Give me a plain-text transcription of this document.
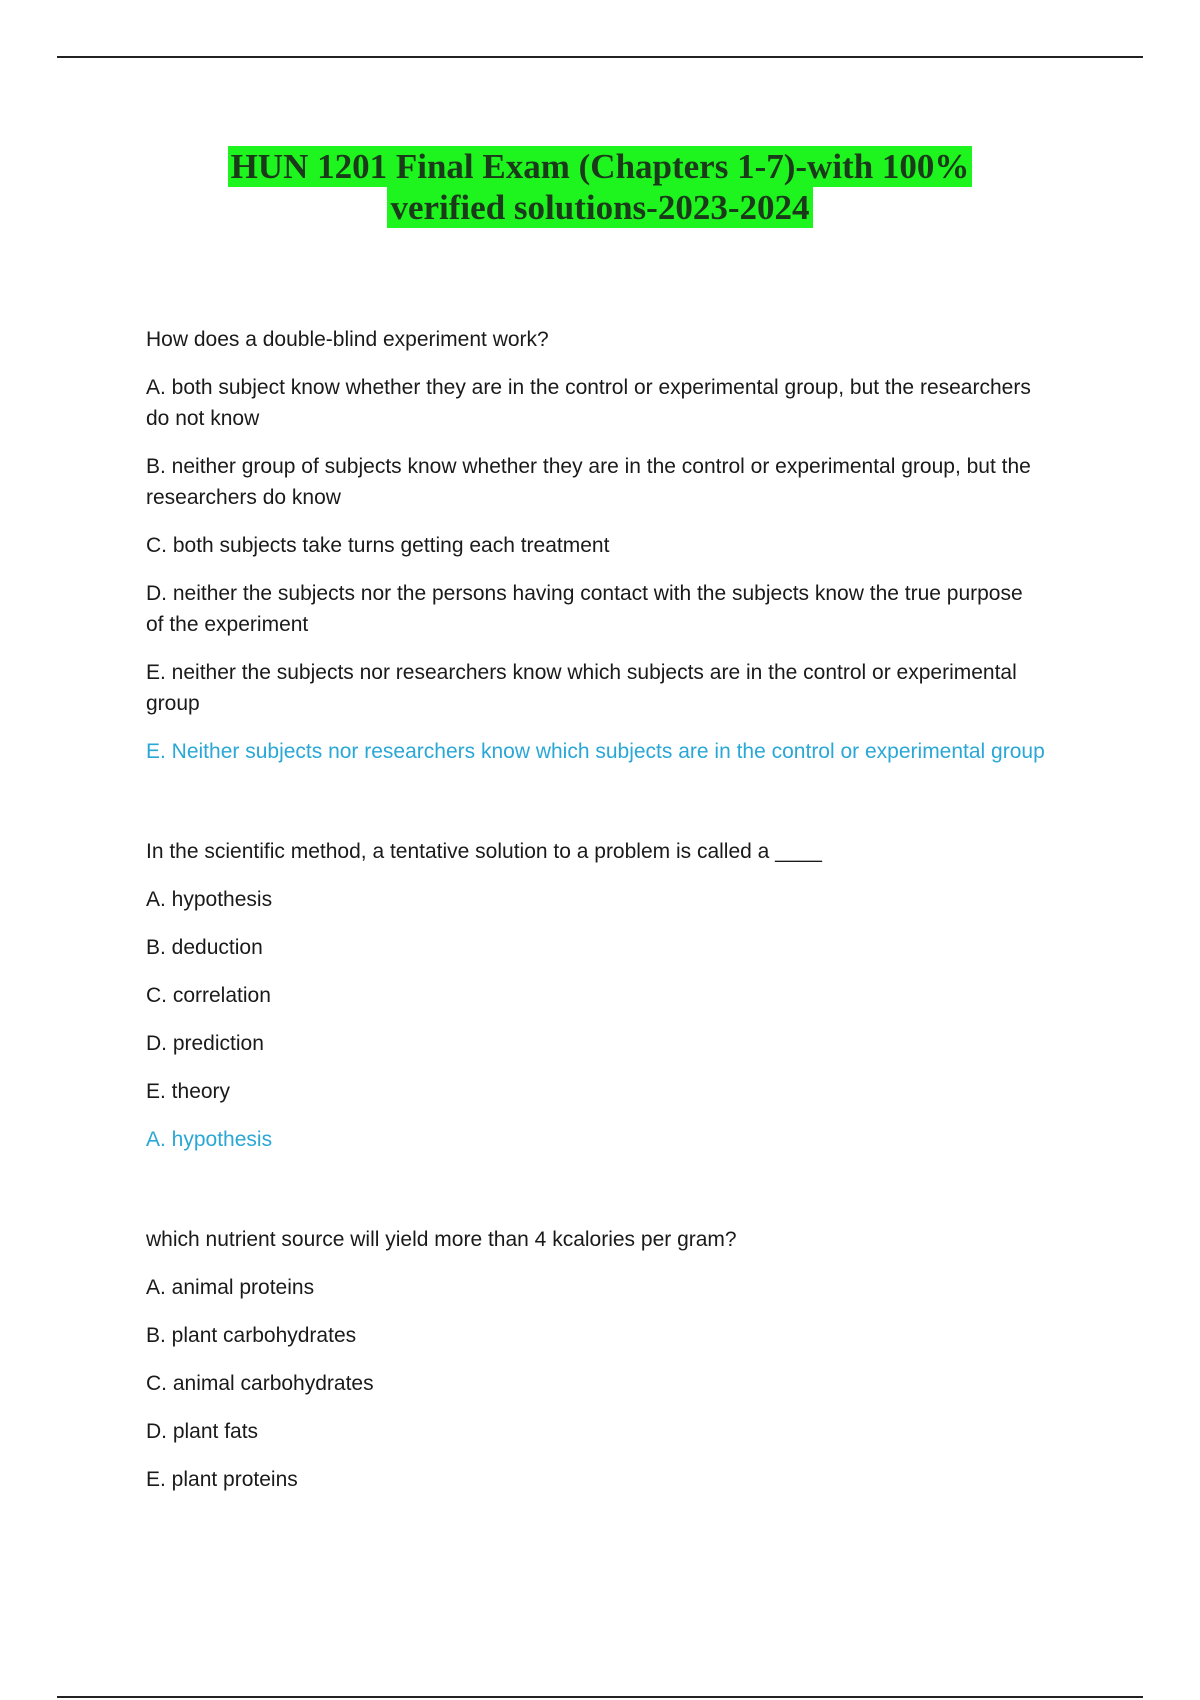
HUN 1201 Final Exam (Chapters 1-7)-with 100%
verified solutions-2023-2024

How does a double-blind experiment work?

A. both subject know whether they are in the control or experimental group, but the researchers do not know

B. neither group of subjects know whether they are in the control or experimental group, but the researchers do know

C. both subjects take turns getting each treatment

D. neither the subjects nor the persons having contact with the subjects know the true purpose of the experiment

E. neither the subjects nor researchers know which subjects are in the control or experimental group

E. Neither subjects nor researchers know which subjects are in the control or experimental group

In the scientific method, a tentative solution to a problem is called a ____

A. hypothesis

B. deduction

C. correlation

D. prediction

E. theory

A. hypothesis

which nutrient source will yield more than 4 kcalories per gram?

A. animal proteins

B. plant carbohydrates

C. animal carbohydrates

D. plant fats

E. plant proteins
